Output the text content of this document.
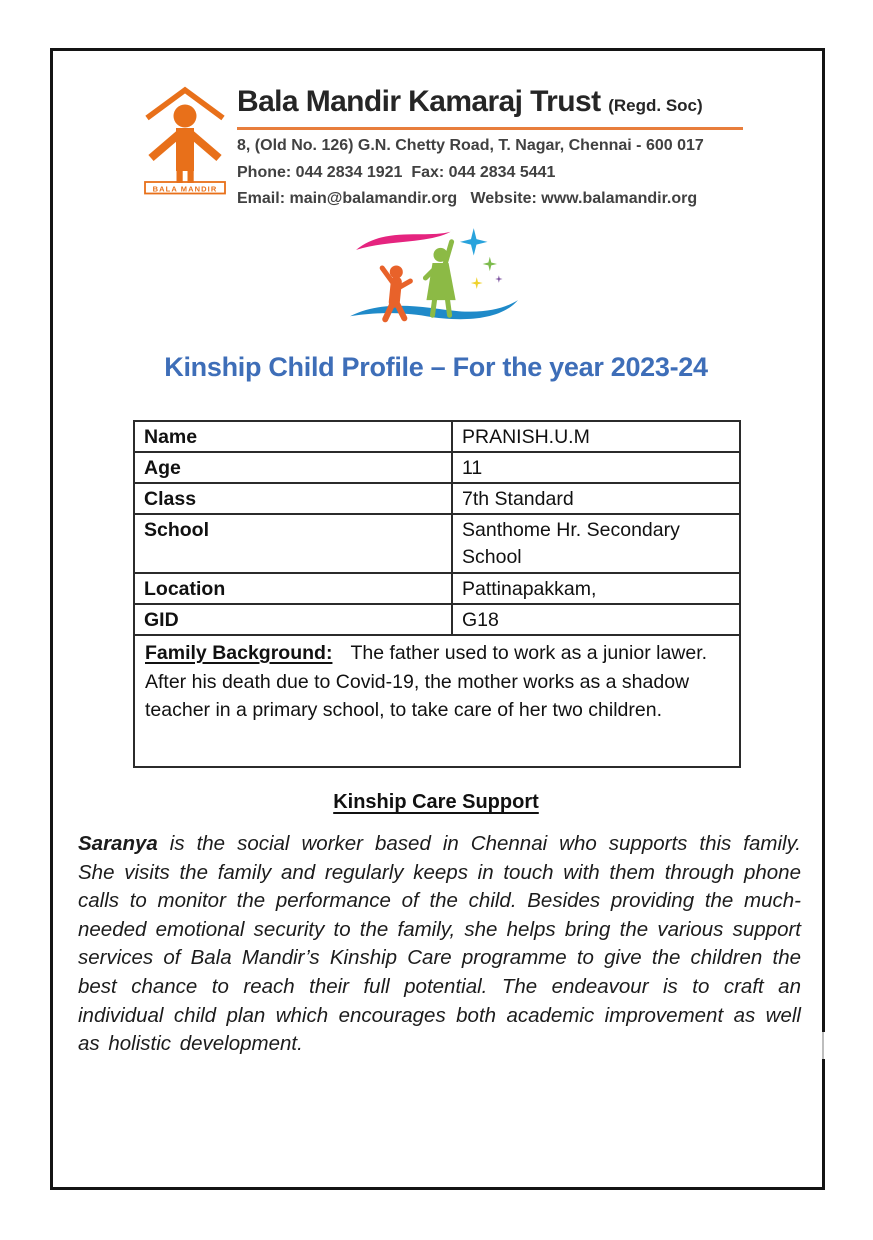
BALA MANDIR
Bala Mandir Kamaraj Trust (Regd. Soc)
8, (Old No. 126) G.N. Chetty Road, T. Nagar, Chennai - 600 017
Phone: 044 2834 1921  Fax: 044 2834 5441
Email: main@balamandir.org   Website: www.balamandir.org
Kinship Child Profile – For the year 2023-24
Name	PRANISH.U.M
Age	11
Class	7th Standard
School	Santhome Hr. Secondary School
Location	Pattinapakkam,
GID	G18
Family Background: The father used to work as a junior lawer. After his death due to Covid-19, the mother works as a shadow teacher in a primary school, to take care of her two children.	
Kinship Care Support

Saranya is the social worker based in Chennai who supports this family. She visits the family and regularly keeps in touch with them through phone calls to monitor the performance of the child. Besides providing the much-needed emotional security to the family, she helps bring the various support services of Bala Mandir’s Kinship Care programme to give the children the best chance to reach their full potential. The endeavour is to craft an individual child plan which encourages both academic improvement as well as holistic development.
